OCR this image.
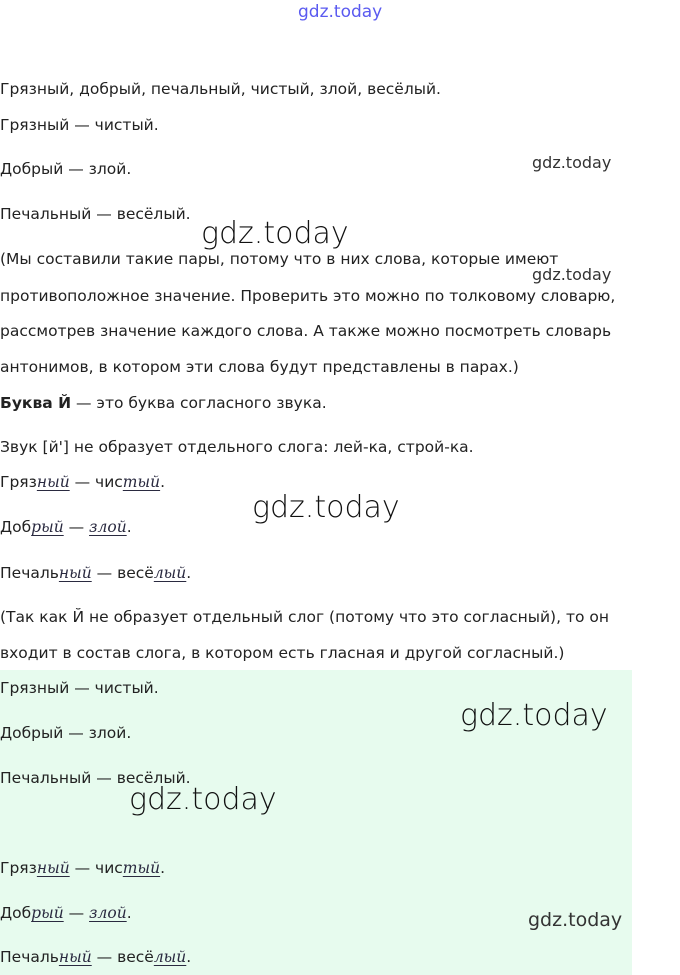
gdz.today

Грязный, добрый, печальный, чистый, злой, весёлый.

Грязный — чистый.

Добрый — злой.

Печальный — весёлый.

gdz.today
gdz.today
gdz.today

(Мы составили такие пары, потому что в них слова, которые имеют

противоположное значение. Проверить это можно по толковому словарю,

рассмотрев значение каждого слова. А также можно посмотреть словарь

антонимов, в котором эти слова будут представлены в парах.)

Буква Й — это буква согласного звука.

Звук [й'] не образует отдельного слога: лей-ка, строй-ка.

Грязный — чистый.

Добрый — злой.

gdz.today

Печальный — весёлый.

(Так как Й не образует отдельный слог (потому что это согласный), то он

входит в состав слога, в котором есть гласная и другой согласный.)

Грязный — чистый.

Добрый — злой.

Печальный — весёлый.

gdz.today
gdz.today

Грязный — чистый.

Добрый — злой.	gdz.today

Печальный — весёлый.
